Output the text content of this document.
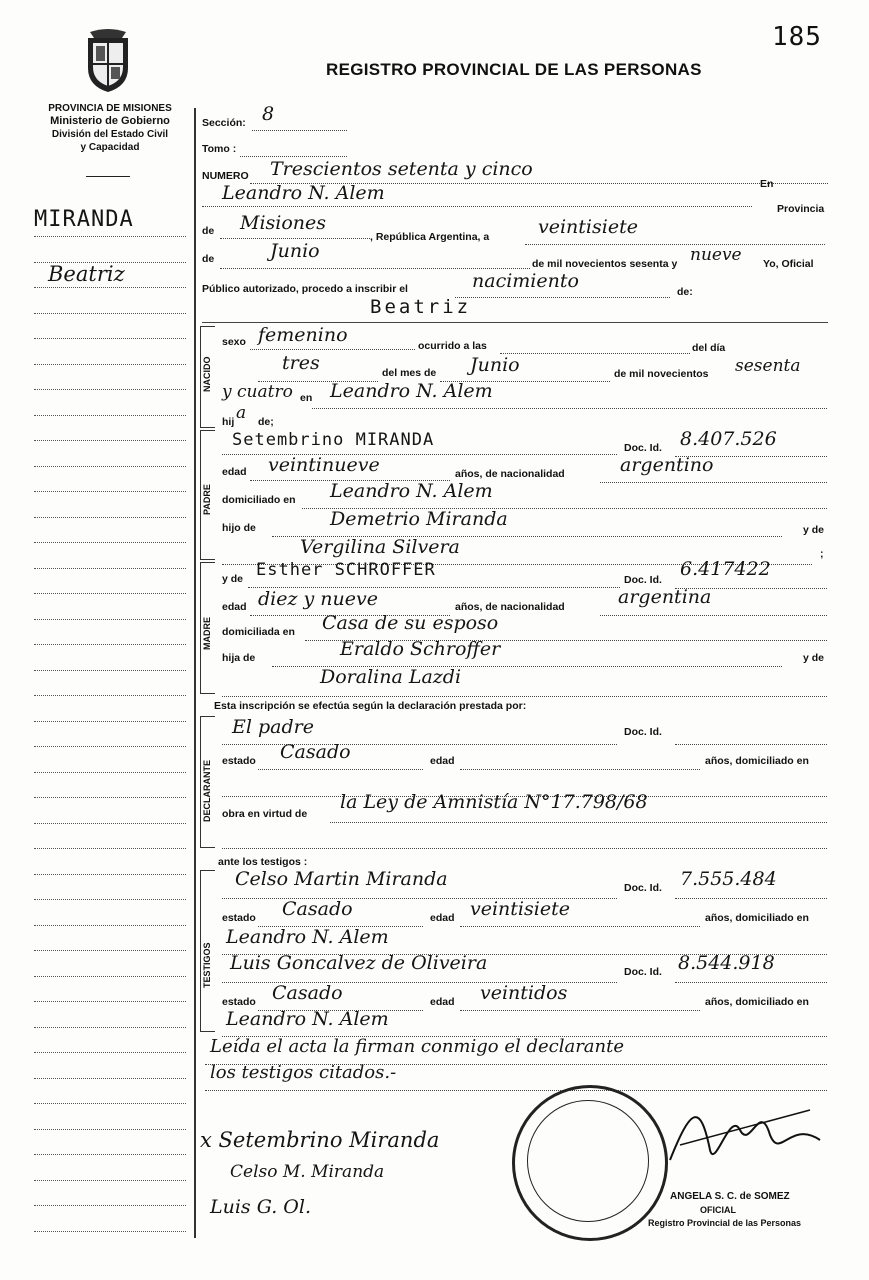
185
REGISTRO PROVINCIAL DE LAS PERSONAS
PROVINCIA DE MISIONES
Ministerio de Gobierno
División del Estado Civil
y Capacidad
MIRANDA
Beatriz
Sección: 8
Tomo :
NUMERO Trescientos setenta y cinco
Leandro N. Alem	En
Provincia
de Misiones
, República Argentina, a	veintisiete
de	Junio
de mil novecientos sesenta y nueve Yo, Oficial
Público autorizado, procedo a inscribir el	nacimiento	de:
Beatriz
NACIDO
sexo femenino	ocurrido a las	del día
tres	del mes de Junio	de mil novecientos sesenta
y cuatro en Leandro N. Alem
hij a de;
PADRE
Setembrino MIRANDA	Doc. Id. 8.407.526
edad veintinueve	años, de nacionalidad	argentino
domiciliado en Leandro N. Alem
hijo de	Demetrio Miranda	y de
Vergilina Silvera	;
MADRE
y de Esther SCHROFFER	Doc. Id. 6.417422
edad diez y nueve	años, de nacionalidad	argentina
domiciliada en Casa de su esposo
hija de	Eraldo Schroffer	y de
Doralina Lazdi
Esta inscripción se efectúa según la declaración prestada por:
DECLARANTE
El padre	Doc. Id.
estado Casado	edad	años, domiciliado en
obra en virtud de
la Ley de Amnistía N°17.798/68
ante los testigos :
TESTIGOS
Celso Martin Miranda	Doc. Id. 7.555.484
estado Casado	edad veintisiete	años, domiciliado en
Leandro N. Alem
Luis Goncalvez de Oliveira	Doc. Id. 8.544.918
estado Casado	edad veintidos	años, domiciliado en
Leandro N. Alem
Leída el acta la firman conmigo el declarante
los testigos citados.-
x Setembrino Miranda
Celso M. Miranda
Luis G. Ol.	ANGELA S. C. de SOMEZ
OFICIAL
Registro Provincial de las Personas
